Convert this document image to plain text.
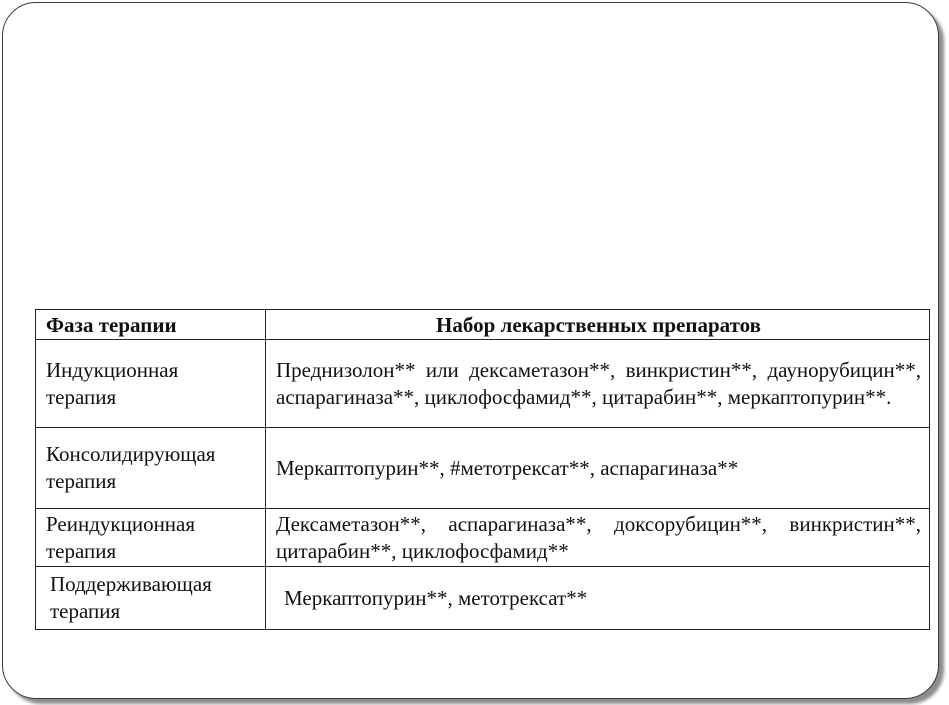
Фаза терапии	Набор лекарственных препаратов
Индукционная
терапия	Преднизолон** или дексаметазон**, винкристин**, даунорубицин**, аспарагиназа**, циклофосфамид**, цитарабин**, меркаптопурин**.
Консолидирующая
терапия	Меркаптопурин**, #метотрексат**, аспарагиназа**
Реиндукционная
терапия	Дексаметазон**, аспарагиназа**, доксорубицин**, винкристин**, цитарабин**, циклофосфамид**
Поддерживающая
терапия	Меркаптопурин**, метотрексат**
